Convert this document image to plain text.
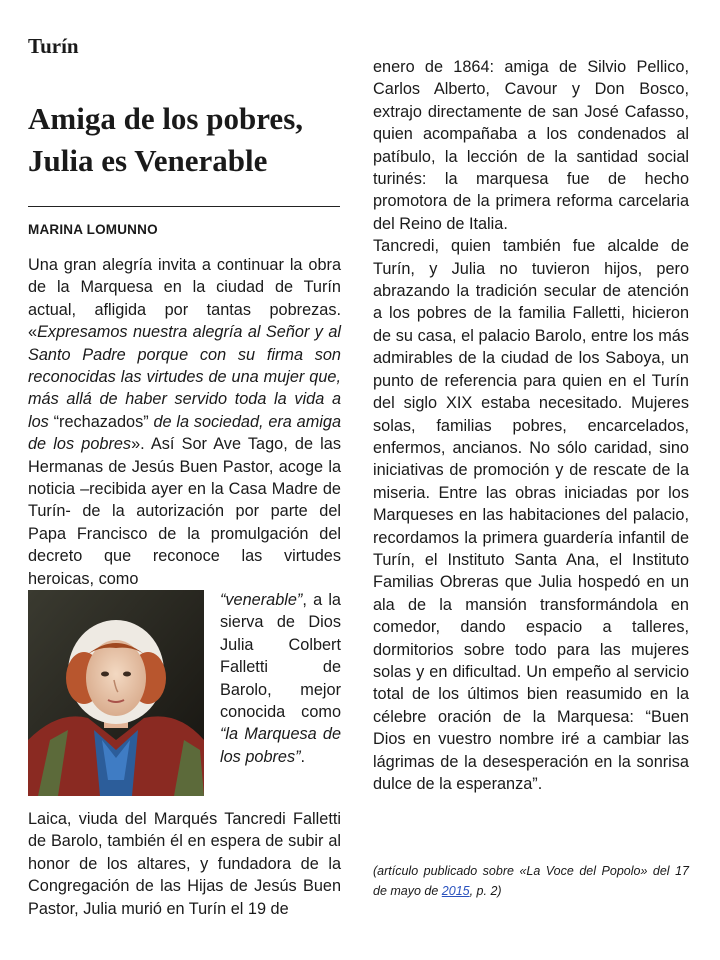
Turín
Amiga de los pobres, Julia es Venerable
MARINA LOMUNNO

Una gran alegría invita a continuar la obra de la Marquesa en la ciudad de Turín actual, afligida por tantas pobrezas. «Expresamos nuestra alegría al Señor y al Santo Padre porque con su firma son reconocidas las virtudes de una mujer que, más allá de haber servido toda la vida a los “rechazados” de la sociedad, era amiga de los pobres». Así Sor Ave Tago, de las Hermanas de Jesús Buen Pastor, acoge la noticia –recibida ayer en la Casa Madre de Turín- de la autorización por parte del Papa Francisco de la promulgación del decreto que reconoce las virtudes heroicas, como

“venerable”, a la sierva de Dios Julia Colbert Falletti de Barolo, mejor conocida como “la Marquesa de los pobres”.

Laica, viuda del Marqués Tancredi Falletti de Barolo, también él en espera de subir al honor de los altares, y fundadora de la Congregación de las Hijas de Jesús Buen Pastor, Julia murió en Turín el 19 de

enero de 1864: amiga de Silvio Pellico, Carlos Alberto, Cavour y Don Bosco, extrajo directamente de san José Cafasso, quien acompañaba a los condenados al patíbulo, la lección de la santidad social turinés: la marquesa fue de hecho promotora de la primera reforma carcelaria del Reino de Italia.

Tancredi, quien también fue alcalde de Turín, y Julia no tuvieron hijos, pero abrazando la tradición secular de atención a los pobres de la familia Falletti, hicieron de su casa, el palacio Barolo, entre los más admirables de la ciudad de los Saboya, un punto de referencia para quien en el Turín del siglo XIX estaba necesitado. Mujeres solas, familias pobres, encarcelados, enfermos, ancianos. No sólo caridad, sino iniciativas de promoción y de rescate de la miseria. Entre las obras iniciadas por los Marqueses en las habitaciones del palacio, recordamos la primera guardería infantil de Turín, el Instituto Santa Ana, el Instituto Familias Obreras que Julia hospedó en un ala de la mansión transformándola en comedor, dando espacio a talleres, dormitorios sobre todo para las mujeres solas y en dificultad. Un empeño al servicio total de los últimos bien reasumido en la célebre oración de la Marquesa: “Buen Dios en vuestro nombre iré a cambiar las lágrimas de la desesperación en la sonrisa dulce de la esperanza”.

(artículo publicado sobre «La Voce del Popolo» del 17 de mayo de 2015, p. 2)
